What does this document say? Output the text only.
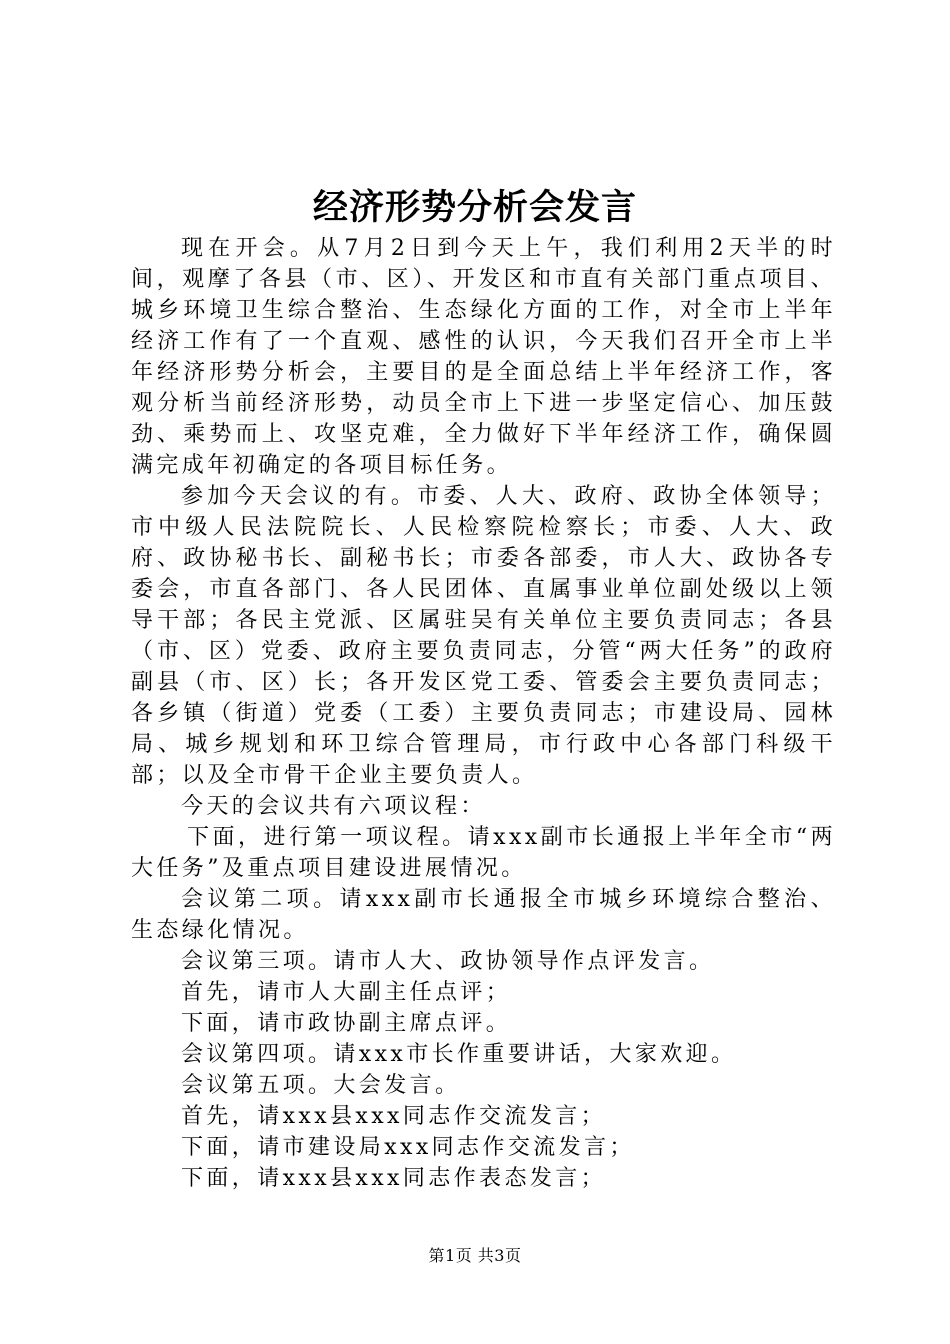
经济形势分析会发言

现在开会。从7月2日到今天上午，我们利用2天半的时间，观摩了各县（市、区）、开发区和市直有关部门重点项目、城乡环境卫生综合整治、生态绿化方面的工作，对全市上半年经济工作有了一个直观、感性的认识，今天我们召开全市上半年经济形势分析会，主要目的是全面总结上半年经济工作，客观分析当前经济形势，动员全市上下进一步坚定信心、加压鼓劲、乘势而上、攻坚克难，全力做好下半年经济工作，确保圆满完成年初确定的各项目标任务。

参加今天会议的有。市委、人大、政府、政协全体领导；市中级人民法院院长、人民检察院检察长；市委、人大、政府、政协秘书长、副秘书长；市委各部委，市人大、政协各专委会，市直各部门、各人民团体、直属事业单位副处级以上领导干部；各民主党派、区属驻吴有关单位主要负责同志；各县（市、区）党委、政府主要负责同志，分管“两大任务”的政府副县（市、区）长；各开发区党工委、管委会主要负责同志；各乡镇（街道）党委（工委）主要负责同志；市建设局、园林局、城乡规划和环卫综合管理局，市行政中心各部门科级干部；以及全市骨干企业主要负责人。

今天的会议共有六项议程：

下面，进行第一项议程。请xxx副市长通报上半年全市“两大任务”及重点项目建设进展情况。

会议第二项。请xxx副市长通报全市城乡环境综合整治、生态绿化情况。

会议第三项。请市人大、政协领导作点评发言。

首先，请市人大副主任点评；

下面，请市政协副主席点评。

会议第四项。请xxx市长作重要讲话，大家欢迎。

会议第五项。大会发言。

首先，请xxx县xxx同志作交流发言；

下面，请市建设局xxx同志作交流发言；

下面，请xxx县xxx同志作表态发言；

第1页 共3页
